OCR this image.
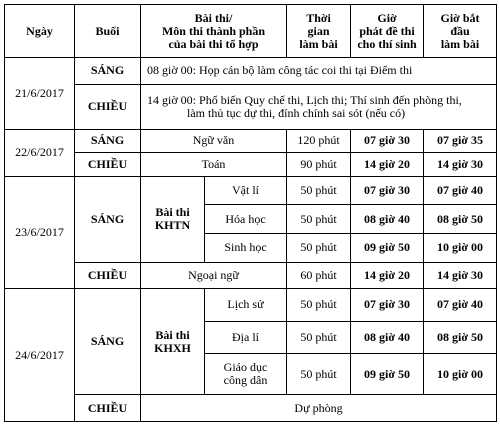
Ngày	Buổi	Bài thi/
Môn thi thành phần
của bài thi tổ hợp		Thời
gian
làm bài	Giờ
phát đề thi
cho thí sinh	Giờ bắt
đầu
làm bài

21/6/2017	SÁNG	08 giờ 00: Họp cán bộ làm công tác coi thi tại Điểm thi				
	CHIỀU	14 giờ 00: Phổ biến Quy chế thi, Lịch thi; Thí sinh đến phòng thi,
làm thủ tục dự thi, đính chính sai sót (nếu có)				

22/6/2017	SÁNG	Ngữ văn		120 phút	07 giờ 30	07 giờ 35
	CHIỀU	Toán		90 phút	14 giờ 20	14 giờ 30
23/6/2017	SÁNG	Bài thi
KHTN	Vật lí	50 phút	07 giờ 30	07 giờ 40
			Hóa học	50 phút	08 giờ 40	08 giờ 50
			Sinh học	50 phút	09 giờ 50	10 giờ 00
	CHIỀU	Ngoại ngữ		60 phút	14 giờ 20	14 giờ 30
24/6/2017	SÁNG	Bài thi
KHXH	Lịch sử	50 phút	07 giờ 30	07 giờ 40
			Địa lí	50 phút	08 giờ 40	08 giờ 50

			Giáo dục
công dân	50 phút	09 giờ 50	10 giờ 00
	CHIỀU	Dự phòng				
